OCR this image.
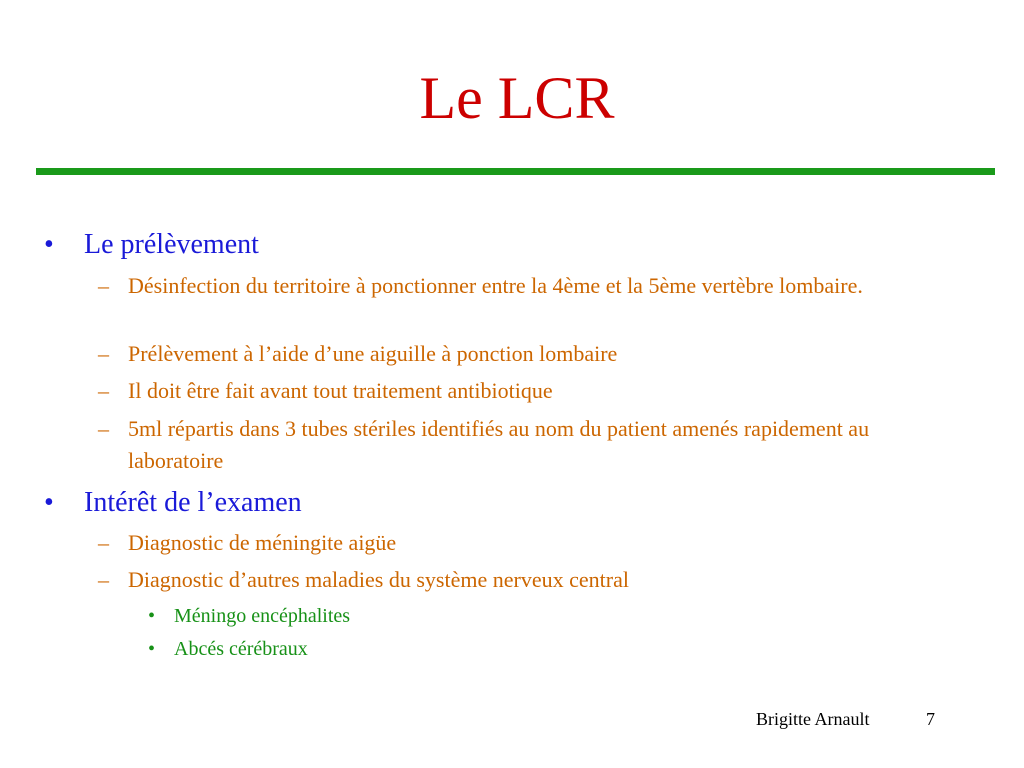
Le LCR
• Le prélèvement
– Désinfection du territoire à ponctionner entre la 4ème et la 5ème vertèbre lombaire.
– Prélèvement à l’aide d’une aiguille à ponction lombaire
– Il doit être fait avant tout traitement antibiotique
– 5ml répartis dans 3 tubes stériles identifiés au nom du patient amenés rapidement au laboratoire
• Intérêt de l’examen
– Diagnostic de méningite aigüe
– Diagnostic d’autres maladies du système nerveux central
• Méningo encéphalites
• Abcés cérébraux
Brigitte Arnault	7
